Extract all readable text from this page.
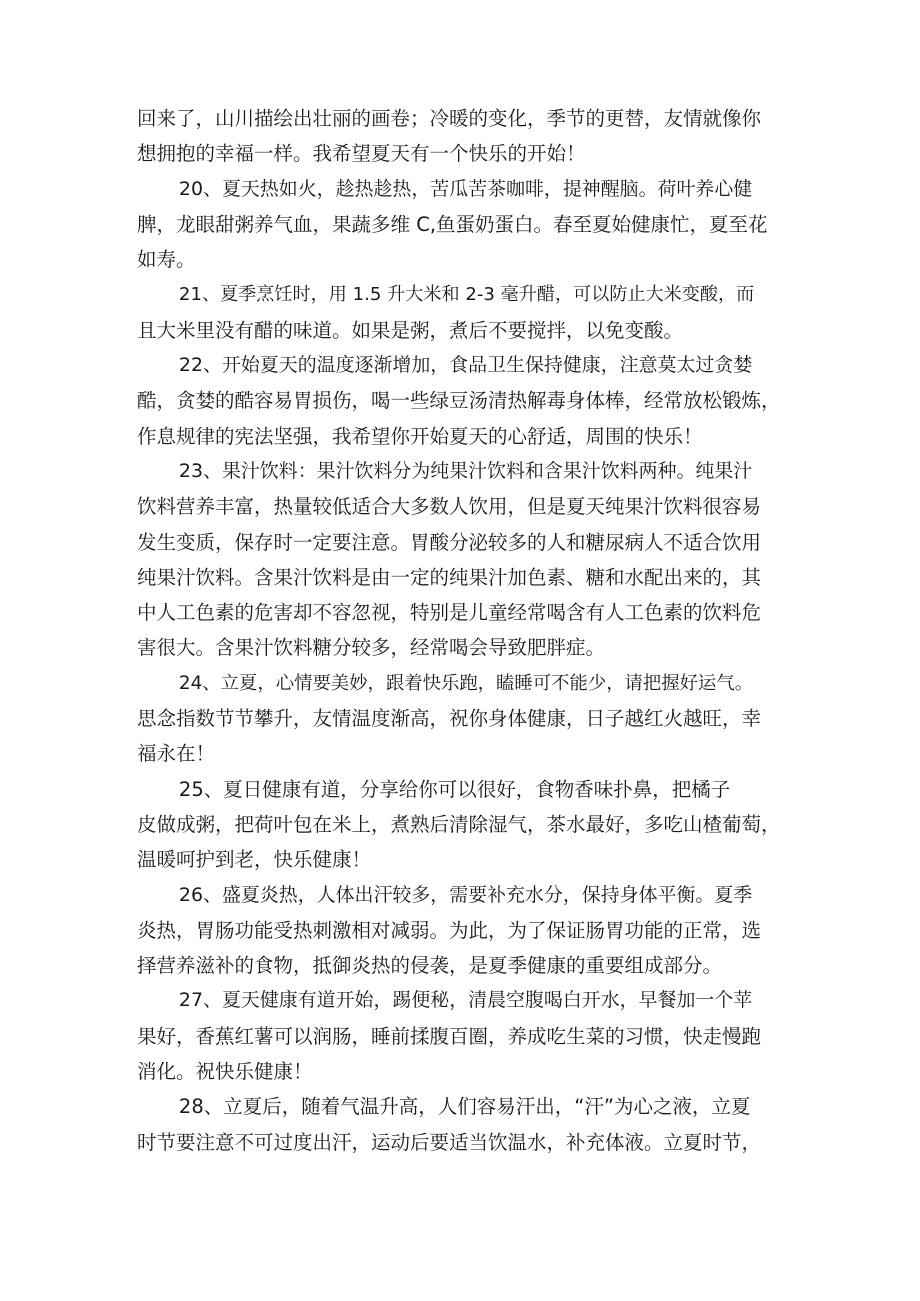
回来了，山川描绘出壮丽的画卷；冷暖的变化，季节的更替，友情就像你
想拥抱的幸福一样。我希望夏天有一个快乐的开始！

20、夏天热如火，趁热趁热，苦瓜苦茶咖啡，提神醒脑。荷叶养心健
脾，龙眼甜粥养气血，果蔬多维 C,鱼蛋奶蛋白。春至夏始健康忙，夏至花
如寿。

21、夏季烹饪时，用 1.5 升大米和 2-3 毫升醋，可以防止大米变酸，而
且大米里没有醋的味道。如果是粥，煮后不要搅拌，以免变酸。

22、开始夏天的温度逐渐增加，食品卫生保持健康，注意莫太过贪婪
酷，贪婪的酷容易胃损伤，喝一些绿豆汤清热解毒身体棒，经常放松锻炼，
作息规律的宪法坚强，我希望你开始夏天的心舒适，周围的快乐！

23、果汁饮料：果汁饮料分为纯果汁饮料和含果汁饮料两种。纯果汁
饮料营养丰富，热量较低适合大多数人饮用，但是夏天纯果汁饮料很容易
发生变质，保存时一定要注意。胃酸分泌较多的人和糖尿病人不适合饮用
纯果汁饮料。含果汁饮料是由一定的纯果汁加色素、糖和水配出来的，其
中人工色素的危害却不容忽视，特别是儿童经常喝含有人工色素的饮料危
害很大。含果汁饮料糖分较多，经常喝会导致肥胖症。

24、立夏，心情要美妙，跟着快乐跑，瞌睡可不能少，请把握好运气。
思念指数节节攀升，友情温度渐高，祝你身体健康，日子越红火越旺，幸
福永在！

25、夏日健康有道，分享给你可以很好，食物香味扑鼻，把橘子
皮做成粥，把荷叶包在米上，煮熟后清除湿气，茶水最好，多吃山楂葡萄，
温暖呵护到老，快乐健康！

26、盛夏炎热，人体出汗较多，需要补充水分，保持身体平衡。夏季
炎热，胃肠功能受热刺激相对减弱。为此，为了保证肠胃功能的正常，选
择营养滋补的食物，抵御炎热的侵袭，是夏季健康的重要组成部分。

27、夏天健康有道开始，踢便秘，清晨空腹喝白开水，早餐加一个苹
果好，香蕉红薯可以润肠，睡前揉腹百圈，养成吃生菜的习惯，快走慢跑
消化。祝快乐健康！

28、立夏后，随着气温升高，人们容易汗出，“汗”为心之液，立夏
时节要注意不可过度出汗，运动后要适当饮温水，补充体液。立夏时节，
